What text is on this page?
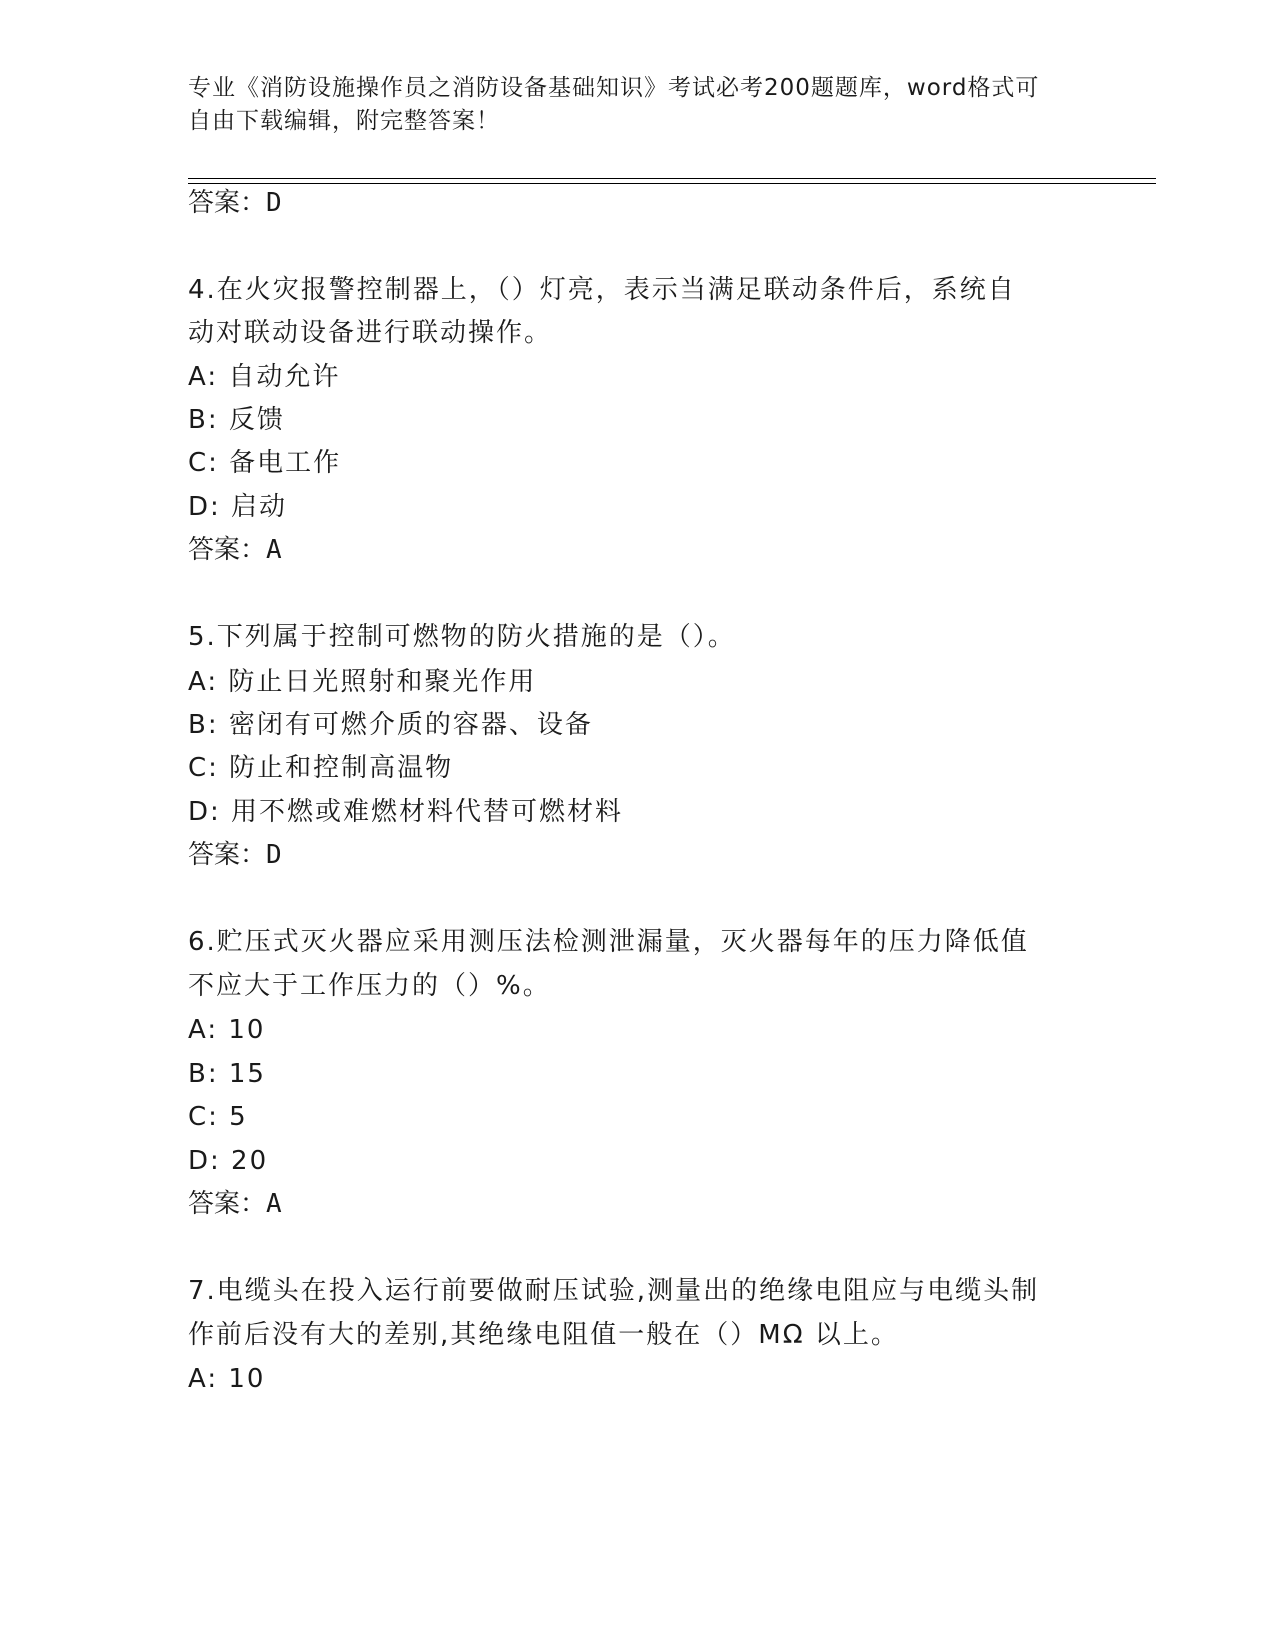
专业《消防设施操作员之消防设备基础知识》考试必考200题题库，word格式可
自由下载编辑，附完整答案！
答案：D
4.在火灾报警控制器上，（）灯亮，表示当满足联动条件后，系统自
动对联动设备进行联动操作。
A: 自动允许
B: 反馈
C: 备电工作
D: 启动
答案：A
5.下列属于控制可燃物的防火措施的是（）。
A: 防止日光照射和聚光作用
B: 密闭有可燃介质的容器、设备
C: 防止和控制高温物
D: 用不燃或难燃材料代替可燃材料
答案：D
6.贮压式灭火器应采用测压法检测泄漏量，灭火器每年的压力降低值
不应大于工作压力的（）%。
A: 10
B: 15
C: 5
D: 20
答案：A
7.电缆头在投入运行前要做耐压试验,测量出的绝缘电阻应与电缆头制
作前后没有大的差别,其绝缘电阻值一般在（）MΩ 以上。
A: 10
